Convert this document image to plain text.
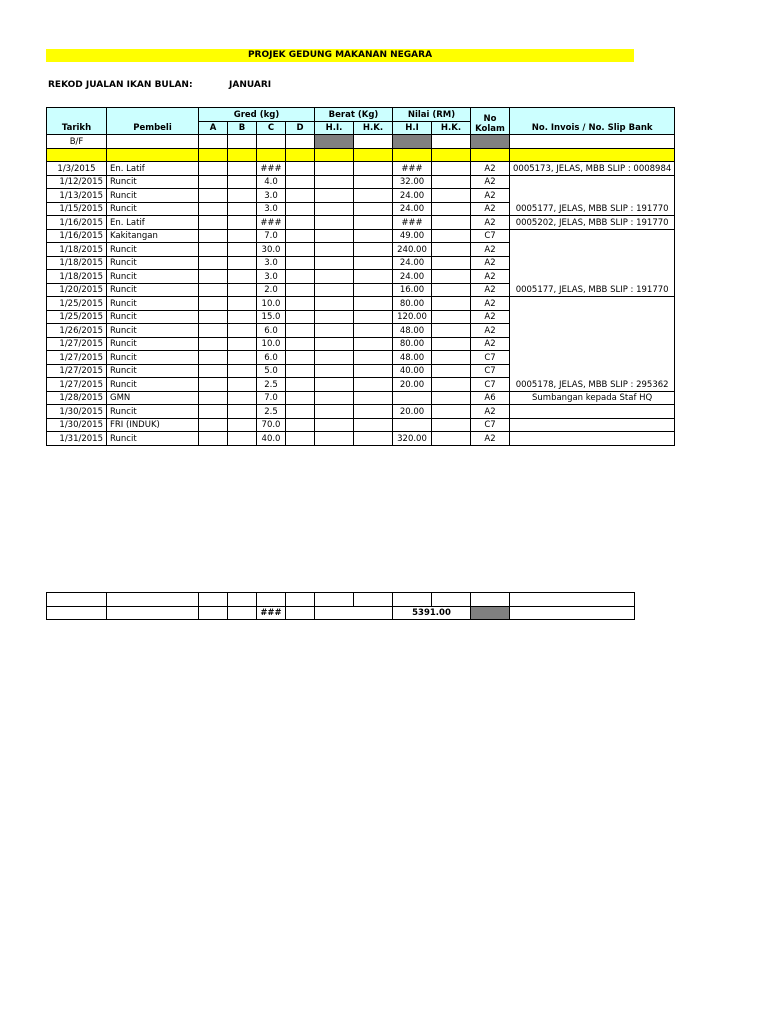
PROJEK GEDUNG MAKANAN NEGARA
REKOD JUALAN IKAN BULAN:	JANUARI
Tarikh	Pembeli	Gred (kg)				Berat (Kg)		Nilai (RM)		No Kolam	No. Invois / No. Slip Bank
		A	B	C	D	H.I.	H.K.	H.I	H.K.		
B/F											

1/3/2015	En. Latif			###				###		A2	0005173, JELAS, MBB SLIP : 0008984
1/12/2015	Runcit			4.0				32.00		A2	0005177, JELAS, MBB SLIP : 191770
1/13/2015	Runcit			3.0				24.00		A2	
1/15/2015	Runcit			3.0				24.00		A2	
1/16/2015	En. Latif			###				###		A2	0005202, JELAS, MBB SLIP : 191770
1/16/2015	Kakitangan			7.0				49.00		C7	0005177, JELAS, MBB SLIP : 191770
1/18/2015	Runcit			30.0				240.00		A2	
1/18/2015	Runcit			3.0				24.00		A2	
1/18/2015	Runcit			3.0				24.00		A2	
1/20/2015	Runcit			2.0				16.00		A2	
1/25/2015	Runcit			10.0				80.00		A2	0005178, JELAS, MBB SLIP : 295362
1/25/2015	Runcit			15.0				120.00		A2	
1/26/2015	Runcit			6.0				48.00		A2	
1/27/2015	Runcit			10.0				80.00		A2	
1/27/2015	Runcit			6.0				48.00		C7	
1/27/2015	Runcit			5.0				40.00		C7	
1/27/2015	Runcit			2.5				20.00		C7	
1/28/2015	GMN			7.0						A6	Sumbangan kepada Staf HQ
1/30/2015	Runcit			2.5				20.00		A2	
1/30/2015	FRI (INDUK)			70.0						C7	
1/31/2015	Runcit			40.0				320.00		A2	

				###				5391.00			
